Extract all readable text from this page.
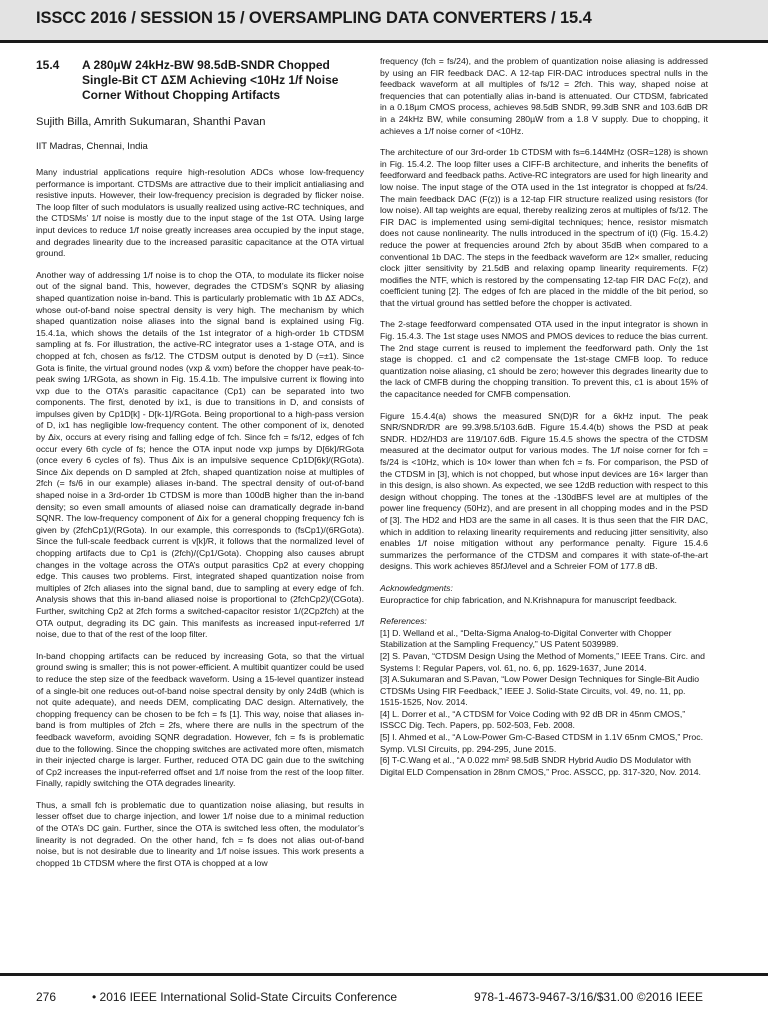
ISSCC 2016 / SESSION 15 / OVERSAMPLING DATA CONVERTERS / 15.4
15.4 A 280µW 24kHz-BW 98.5dB-SNDR Chopped Single-Bit CT ΔΣM Achieving <10Hz 1/f Noise Corner Without Chopping Artifacts
Sujith Billa, Amrith Sukumaran, Shanthi Pavan
IIT Madras, Chennai, India

Many industrial applications require high-resolution ADCs whose low-frequency performance is important. CTDSMs are attractive due to their implicit antialiasing and resistive inputs. However, their low-frequency precision is degraded by flicker noise. The loop filter of such modulators is usually realized using active-RC techniques, and the CTDSMs’ 1/f noise is mostly due to the input stage of the 1st OTA. Using large input devices to reduce 1/f noise greatly increases area occupied by the input stage, and degrades linearity due to the increased parasitic capacitance at the OTA virtual ground.

Another way of addressing 1/f noise is to chop the OTA, to modulate its flicker noise out of the signal band. This, however, degrades the CTDSM’s SQNR by aliasing shaped quantization noise in-band. This is particularly problematic with 1b ΔΣ ADCs, whose out-of-band noise spectral density is very high. The mechanism by which shaped quantization noise aliases into the signal band is explained using Fig. 15.4.1a, which shows the details of the 1st integrator of a high-order 1b CTDSM sampling at fs. For illustration, the active-RC integrator uses a 1-stage OTA, and is chopped at fch, chosen as fs/12. The CTDSM output is denoted by D (=±1). Since Gota is finite, the virtual ground nodes (vxp & vxm) before the chopper have peak-to-peak swing 1/RGota, as shown in Fig. 15.4.1b. The impulsive current ix flowing into vxp due to the OTA’s parasitic capacitance (Cp1) can be separated into two components. The first, denoted by ix1, is due to transitions in D, and consists of impulses given by Cp1D[k] - D[k-1]/RGota. Being proportional to a high-pass version of D, ix1 has negligible low-frequency content. The other component of ix, denoted by Δix, occurs at every rising and falling edge of fch. Since fch = fs/12, edges of fch occur every 6th cycle of fs; hence the OTA input node vxp jumps by D[6k]/RGota (once every 6 cycles of fs). Thus Δix is an impulsive sequence Cp1D[6k]/(RGota). Since Δix depends on D sampled at 2fch, shaped quantization noise at multiples of 2fch (= fs/6 in our example) aliases in-band. The spectral density of out-of-band shaped noise in a 3rd-order 1b CTDSM is more than 100dB higher than the in-band density; so even small amounts of aliased noise can dramatically degrade in-band SQNR. The low-frequency component of Δix for a general chopping frequency fch is given by (2fchCp1)/(RGota). In our example, this corresponds to (fsCp1)/(6RGota). Since the full-scale feedback current is v[k]/R, it follows that the normalized level of chopping artifacts due to Cp1 is (2fch)/(Cp1/Gota). Chopping also causes abrupt changes in the voltage across the OTA’s output parasitics Cp2 at every chopping edge. This causes two problems. First, integrated shaped quantization noise from multiples of 2fch aliases into the signal band, due to sampling at every edge of fch. Analysis shows that this in-band aliased noise is proportional to (2fchCp2)/(CGota). Further, switching Cp2 at 2fch forms a switched-capacitor resistor 1/(2Cp2fch) at the OTA output, degrading its DC gain. This manifests as increased input-referred 1/f noise, due to that of the rest of the loop filter.

In-band chopping artifacts can be reduced by increasing Gota, so that the virtual ground swing is smaller; this is not power-efficient. A multibit quantizer could be used to reduce the step size of the feedback waveform. Using a 15-level quantizer instead of a single-bit one reduces out-of-band noise spectral density by only 24dB (which is not quite adequate), and needs DEM, complicating DAC design. Alternatively, the chopping frequency can be chosen to be fch = fs [1]. This way, noise that aliases in-band is from multiples of 2fch = 2fs, where there are nulls in the spectrum of the feedback waveform, avoiding SQNR degradation. However, fch = fs is problematic due to the following. Since the chopping switches are activated more often, mismatch in their injected charge is larger. Further, reduced OTA DC gain due to the switching of Cp2 increases the input-referred offset and 1/f noise from the rest of the loop filter. Finally, rapidly switching the OTA degrades linearity.

Thus, a small fch is problematic due to quantization noise aliasing, but results in lesser offset due to charge injection, and lower 1/f noise due to a minimal reduction of the OTA’s DC gain. Further, since the OTA is switched less often, the modulator’s linearity is not degraded. On the other hand, fch = fs does not alias out-of-band noise, but is not desirable due to linearity and 1/f noise issues. This work presents a chopped 1b CTDSM where the first OTA is chopped at a low

frequency (fch = fs/24), and the problem of quantization noise aliasing is addressed by using an FIR feedback DAC. A 12-tap FIR-DAC introduces spectral nulls in the feedback waveform at all multiples of fs/12 = 2fch. This way, shaped noise at frequencies that can potentially alias in-band is attenuated. Our CTDSM, fabricated in a 0.18µm CMOS process, achieves 98.5dB SNDR, 99.3dB SNR and 103.6dB DR in a 24kHz BW, while consuming 280µW from a 1.8 V supply. Due to chopping, it achieves a 1/f noise corner of <10Hz.

The architecture of our 3rd-order 1b CTDSM with fs=6.144MHz (OSR=128) is shown in Fig. 15.4.2. The loop filter uses a CIFF-B architecture, and inherits the benefits of feedforward and feedback paths. Active-RC integrators are used for high linearity and low noise. The input stage of the OTA used in the 1st integrator is chopped at fs/24. The main feedback DAC (F(z)) is a 12-tap FIR structure realized using resistors (for low noise). All tap weights are equal, thereby realizing zeros at multiples of fs/12. The FIR DAC is implemented using semi-digital techniques; hence, resistor mismatch does not cause nonlinearity. The nulls introduced in the spectrum of i(t) (Fig. 15.4.2) reduce the power at frequencies around 2fch by about 35dB when compared to a conventional 1b DAC. The steps in the feedback waveform are 12× smaller, reducing clock jitter sensitivity by 21.5dB and relaxing opamp linearity requirements. F(z) modifies the NTF, which is restored by the compensating 12-tap FIR DAC Fc(z), and coefficient tuning [2]. The edges of fch are placed in the middle of the bit period, so that the virtual ground has settled before the chopper is activated.

The 2-stage feedforward compensated OTA used in the input integrator is shown in Fig. 15.4.3. The 1st stage uses NMOS and PMOS devices to reduce the bias current. The 2nd stage current is reused to implement the feedforward path. Only the 1st stage is chopped. c1 and c2 compensate the 1st-stage CMFB loop. To reduce quantization noise aliasing, c1 should be zero; however this degrades linearity due to the lack of CMFB during the chopping transition. To prevent this, c1 is about 15% of the capacitance needed for CMFB compensation.

Figure 15.4.4(a) shows the measured SN(D)R for a 6kHz input. The peak SNR/SNDR/DR are 99.3/98.5/103.6dB. Figure 15.4.4(b) shows the PSD at peak SNDR. HD2/HD3 are 119/107.6dB. Figure 15.4.5 shows the spectra of the CTDSM measured at the decimator output for various modes. The 1/f noise corner for fch = fs/24 is <10Hz, which is 10× lower than when fch = fs. For comparison, the PSD of the CTDSM in [3], which is not chopped, but whose input devices are 16× larger than in this design, is also shown. As expected, we see 12dB reduction with respect to this design without chopping. The tones at the -130dBFS level are at multiples of the power line frequency (50Hz), and are present in all chopping modes and in the PSD of [3]. The HD2 and HD3 are the same in all cases. It is thus seen that the FIR DAC, which in addition to relaxing linearity requirements and reducing jitter sensitivity, also enables 1/f noise mitigation without any performance penalty. Figure 15.4.6 summarizes the performance of the CTDSM and compares it with state-of-the-art designs. This work achieves 85fJ/level and a Schreier FOM of 177.8 dB.

Acknowledgments:
Europractice for chip fabrication, and N.Krishnapura for manuscript feedback.
References:
[1] D. Welland et al., “Delta-Sigma Analog-to-Digital Converter with Chopper Stabilization at the Sampling Frequency,” US Patent 5039989.
[2] S. Pavan, “CTDSM Design Using the Method of Moments,” IEEE Trans. Circ. and Systems I: Regular Papers, vol. 61, no. 6, pp. 1629-1637, June 2014.
[3] A.Sukumaran and S.Pavan, “Low Power Design Techniques for Single-Bit Audio CTDSMs Using FIR Feedback,” IEEE J. Solid-State Circuits, vol. 49, no. 11, pp. 1515-1525, Nov. 2014.
[4] L. Dorrer et al., “A CTDSM for Voice Coding with 92 dB DR in 45nm CMOS,” ISSCC Dig. Tech. Papers, pp. 502-503, Feb. 2008.
[5] I. Ahmed et al., “A Low-Power Gm-C-Based CTDSM in 1.1V 65nm CMOS,” Proc. Symp. VLSI Circuits, pp. 294-295, June 2015.
[6] T-C.Wang et al., “A 0.022 mm² 98.5dB SNDR Hybrid Audio DS Modulator with Digital ELD Compensation in 28nm CMOS,” Proc. ASSCC, pp. 317-320, Nov. 2014.
276	• 2016 IEEE International Solid-State Circuits Conference	978-1-4673-9467-3/16/$31.00 ©2016 IEEE
